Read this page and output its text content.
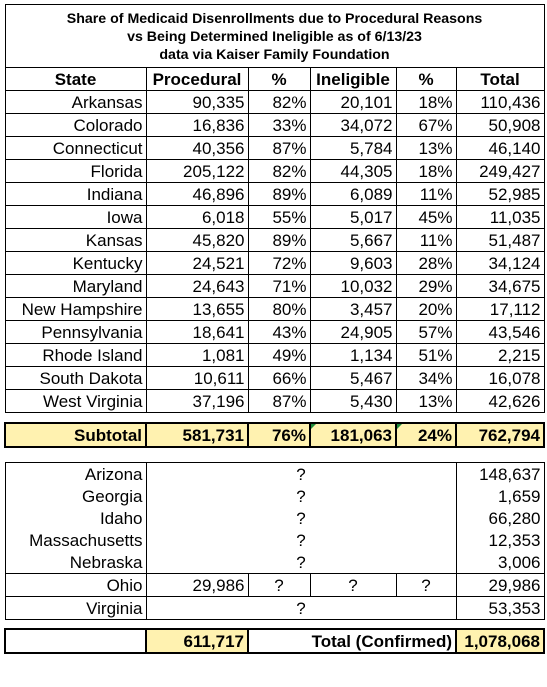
Share of Medicaid Disenrollments due to Procedural Reasons
vs Being Determined Ineligible as of 6/13/23
data via Kaiser Family Foundation					

State	Procedural	%	Ineligible	%	Total
Arkansas	90,335	82%	20,101	18%	110,436
Colorado	16,836	33%	34,072	67%	50,908
Connecticut	40,356	87%	5,784	13%	46,140
Florida	205,122	82%	44,305	18%	249,427
Indiana	46,896	89%	6,089	11%	52,985
Iowa	6,018	55%	5,017	45%	11,035
Kansas	45,820	89%	5,667	11%	51,487
Kentucky	24,521	72%	9,603	28%	34,124
Maryland	24,643	71%	10,032	29%	34,675
New Hampshire	13,655	80%	3,457	20%	17,112
Pennsylvania	18,641	43%	24,905	57%	43,546
Rhode Island	1,081	49%	1,134	51%	2,215
South Dakota	10,611	66%	5,467	34%	16,078
West Virginia	37,196	87%	5,430	13%	42,626

Subtotal	581,731	76%	181,063	24%	762,794

Arizona	?				148,637
Georgia	?				1,659
Idaho	?				66,280
Massachusetts	?				12,353
Nebraska	?				3,006
Ohio	29,986	?	?	?	29,986
Virginia	?				53,353

	611,717	Total (Confirmed)			1,078,068
